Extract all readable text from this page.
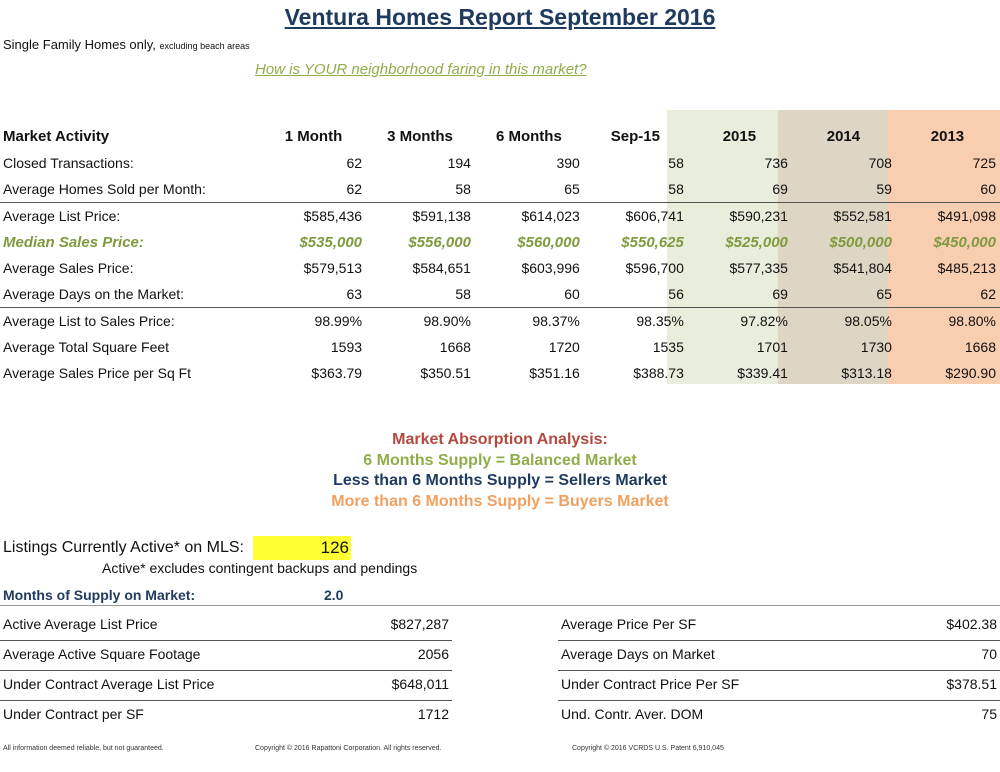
Ventura Homes Report September 2016
Single Family Homes only, excluding beach areas
How is YOUR neighborhood faring in this market?
Market Activity	1 Month	3 Months	6 Months	Sep-15	2015	2014	2013
Closed Transactions:	62	194	390	58	736	708	725
Average Homes Sold per Month:	62	58	65	58	69	59	60
Average List Price:	$585,436	$591,138	$614,023	$606,741	$590,231	$552,581	$491,098
Median Sales Price:	$535,000	$556,000	$560,000	$550,625	$525,000	$500,000	$450,000
Average Sales Price:	$579,513	$584,651	$603,996	$596,700	$577,335	$541,804	$485,213
Average Days on the Market:	63	58	60	56	69	65	62
Average List to Sales Price:	98.99%	98.90%	98.37%	98.35%	97.82%	98.05%	98.80%
Average Total Square Feet	1593	1668	1720	1535	1701	1730	1668
Average Sales Price per Sq Ft	$363.79	$350.51	$351.16	$388.73	$339.41	$313.18	$290.90
Market Absorption Analysis:
6 Months Supply = Balanced Market
Less than 6 Months Supply = Sellers Market
More than 6 Months Supply = Buyers Market
Listings Currently Active* on MLS:	126
Active* excludes contingent backups and pendings
Months of Supply on Market:	2.0
Active Average List Price	$827,287
Average Active Square Footage	2056
Under Contract Average List Price	$648,011
Under Contract per SF	1712
Average Price Per SF	$402.38
Average Days on Market	70
Under Contract Price Per SF	$378.51
Und. Contr. Aver. DOM	75
All information deemed reliable, but not guaranteed.	Copyright © 2016 Rapattoni Corporation. All rights reserved.	Copyright © 2016 VCRDS U.S. Patent 6,910,045
